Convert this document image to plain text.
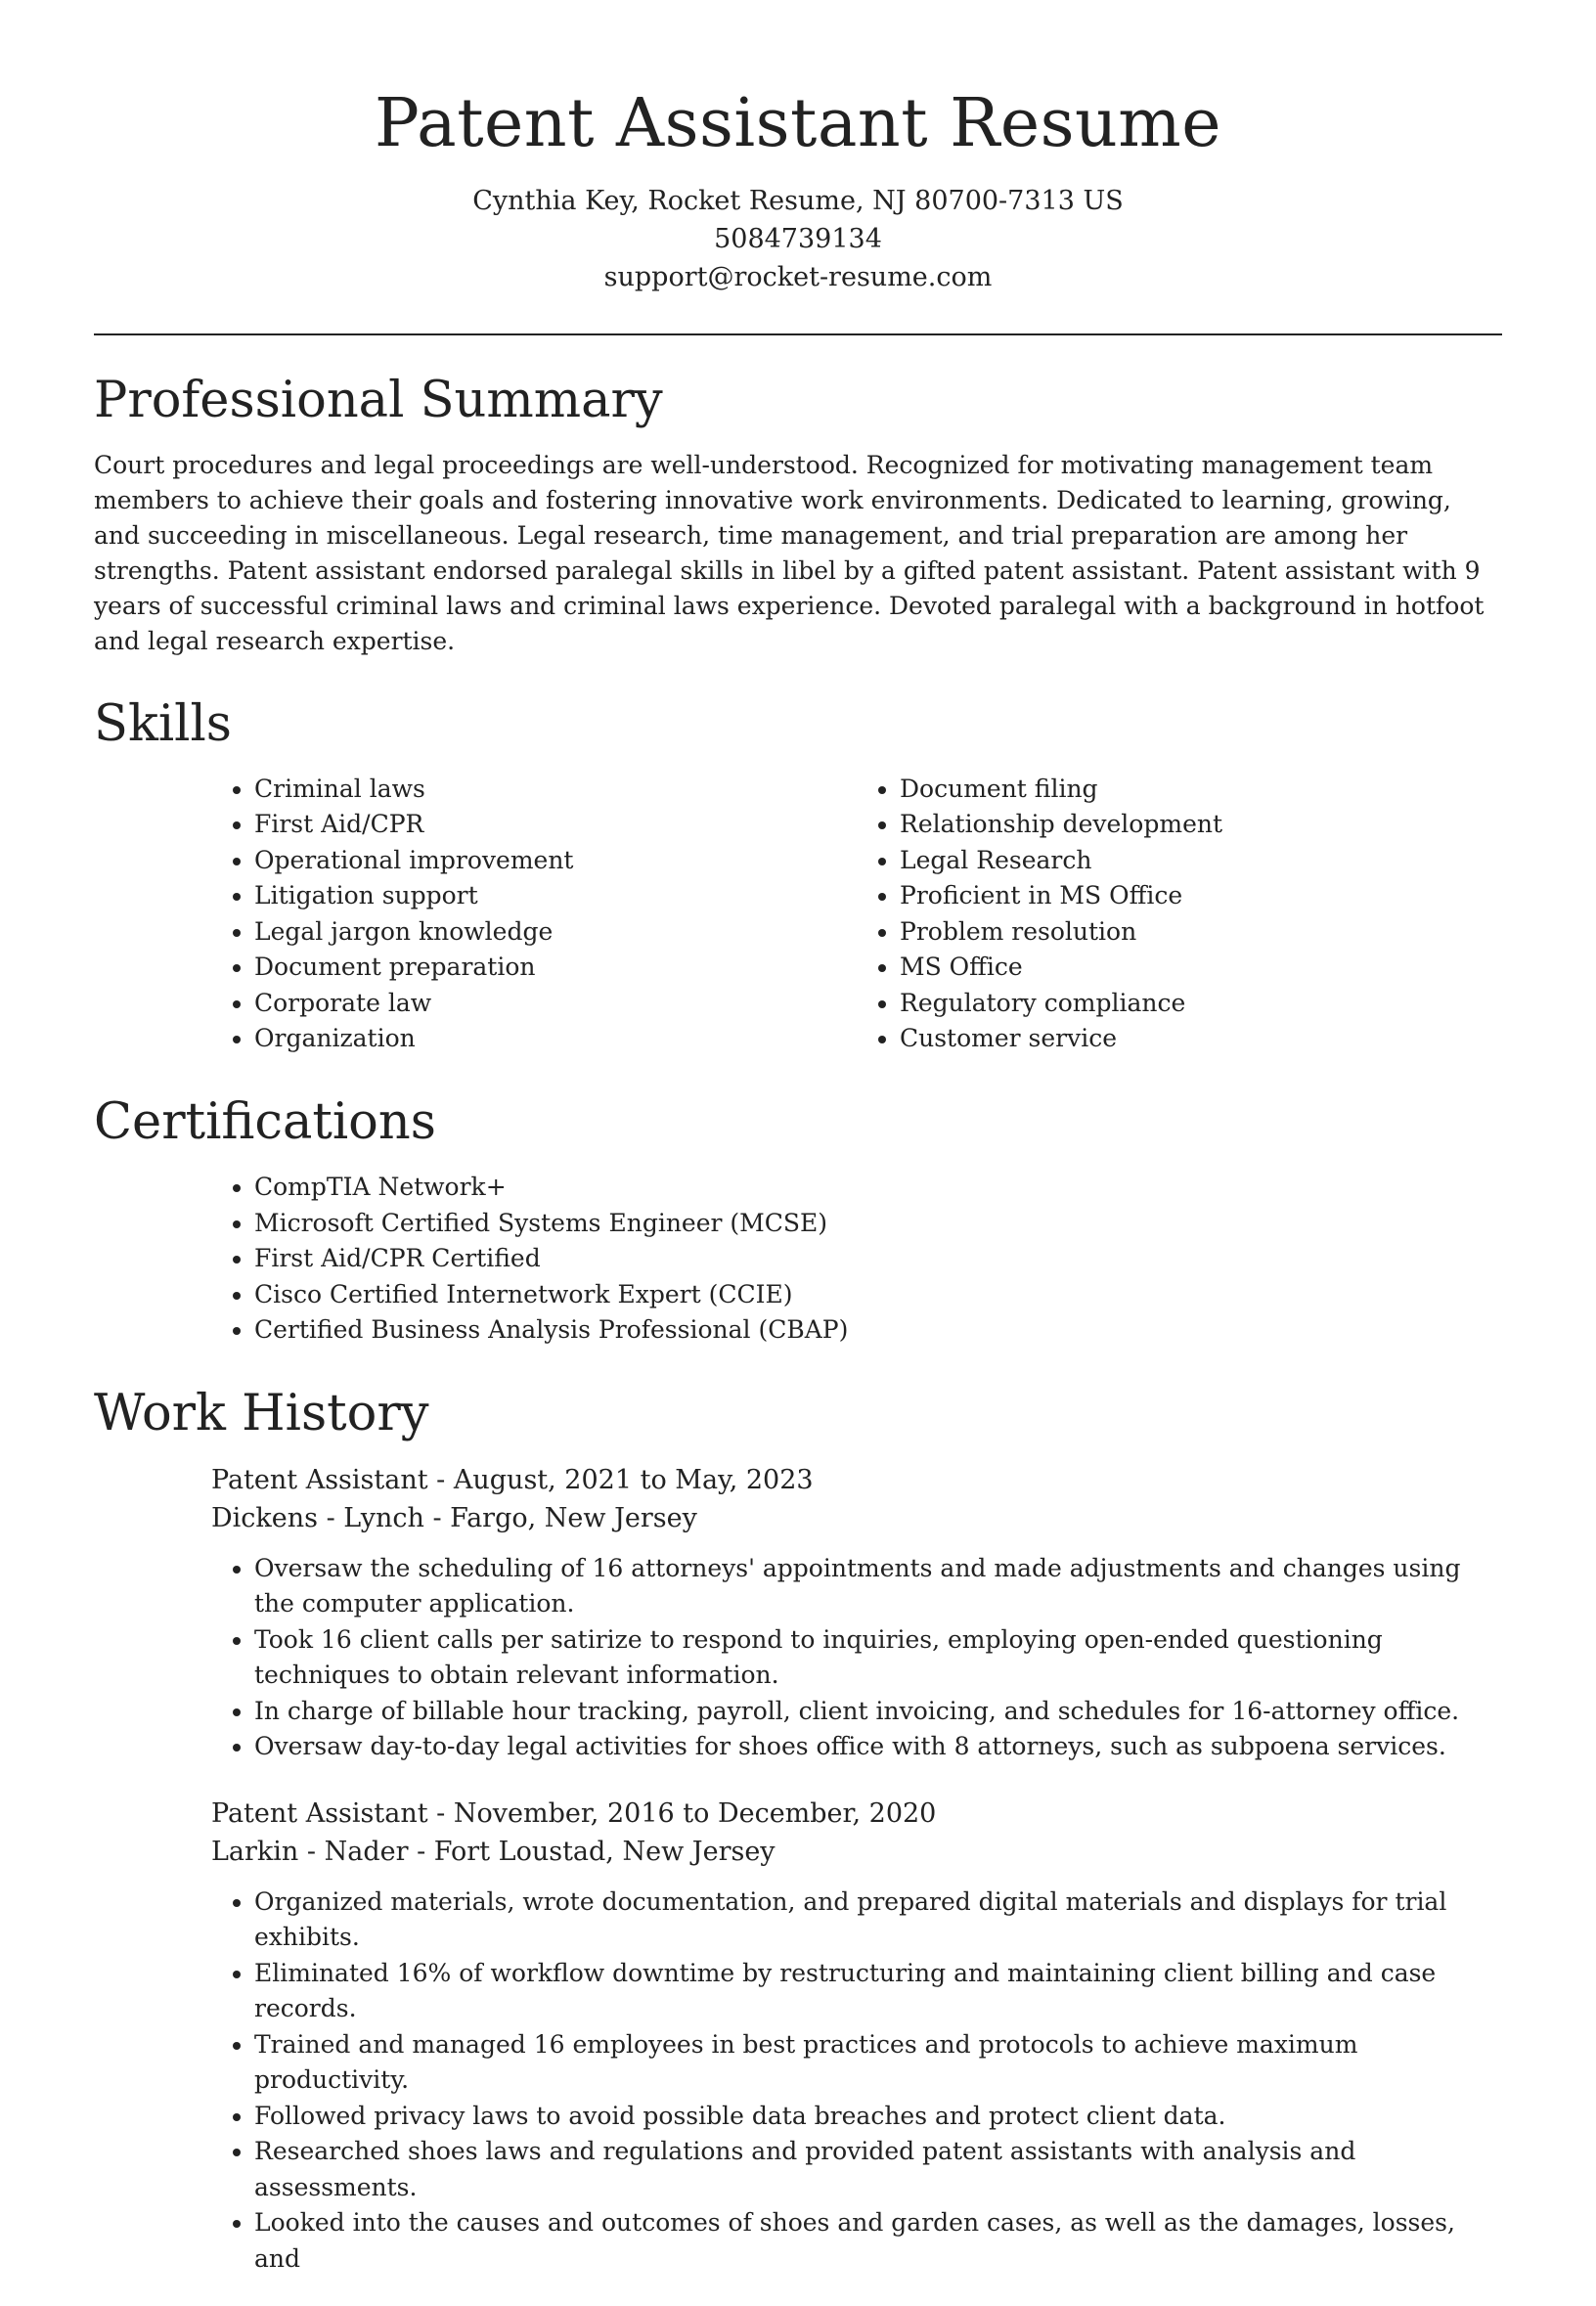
Patent Assistant Resume
Cynthia Key, Rocket Resume, NJ 80700-7313 US
5084739134
support@rocket-resume.com
Professional Summary

Court procedures and legal proceedings are well-understood. Recognized for motivating management team members to achieve their goals and fostering innovative work environments. Dedicated to learning, growing, and succeeding in miscellaneous. Legal research, time management, and trial preparation are among her strengths. Patent assistant endorsed paralegal skills in libel by a gifted patent assistant. Patent assistant with 9 years of successful criminal laws and criminal laws experience. Devoted paralegal with a background in hotfoot and legal research expertise.

Skills
• Criminal laws
• First Aid/CPR
• Operational improvement
• Litigation support
• Legal jargon knowledge
• Document preparation
• Corporate law
• Organization
• Document filing
• Relationship development
• Legal Research
• Proficient in MS Office
• Problem resolution
• MS Office
• Regulatory compliance
• Customer service
Certifications
• CompTIA Network+
• Microsoft Certified Systems Engineer (MCSE)
• First Aid/CPR Certified
• Cisco Certified Internetwork Expert (CCIE)
• Certified Business Analysis Professional (CBAP)
Work History
Patent Assistant - August, 2021 to May, 2023
Dickens - Lynch - Fargo, New Jersey
• Oversaw the scheduling of 16 attorneys' appointments and made adjustments and changes using the computer application.
• Took 16 client calls per satirize to respond to inquiries, employing open-ended questioning techniques to obtain relevant information.
• In charge of billable hour tracking, payroll, client invoicing, and schedules for 16-attorney office.
• Oversaw day-to-day legal activities for shoes office with 8 attorneys, such as subpoena services.
Patent Assistant - November, 2016 to December, 2020
Larkin - Nader - Fort Loustad, New Jersey
• Organized materials, wrote documentation, and prepared digital materials and displays for trial exhibits.
• Eliminated 16% of workflow downtime by restructuring and maintaining client billing and case records.
• Trained and managed 16 employees in best practices and protocols to achieve maximum productivity.
• Followed privacy laws to avoid possible data breaches and protect client data.
• Researched shoes laws and regulations and provided patent assistants with analysis and assessments.
• Looked into the causes and outcomes of shoes and garden cases, as well as the damages, losses, and
